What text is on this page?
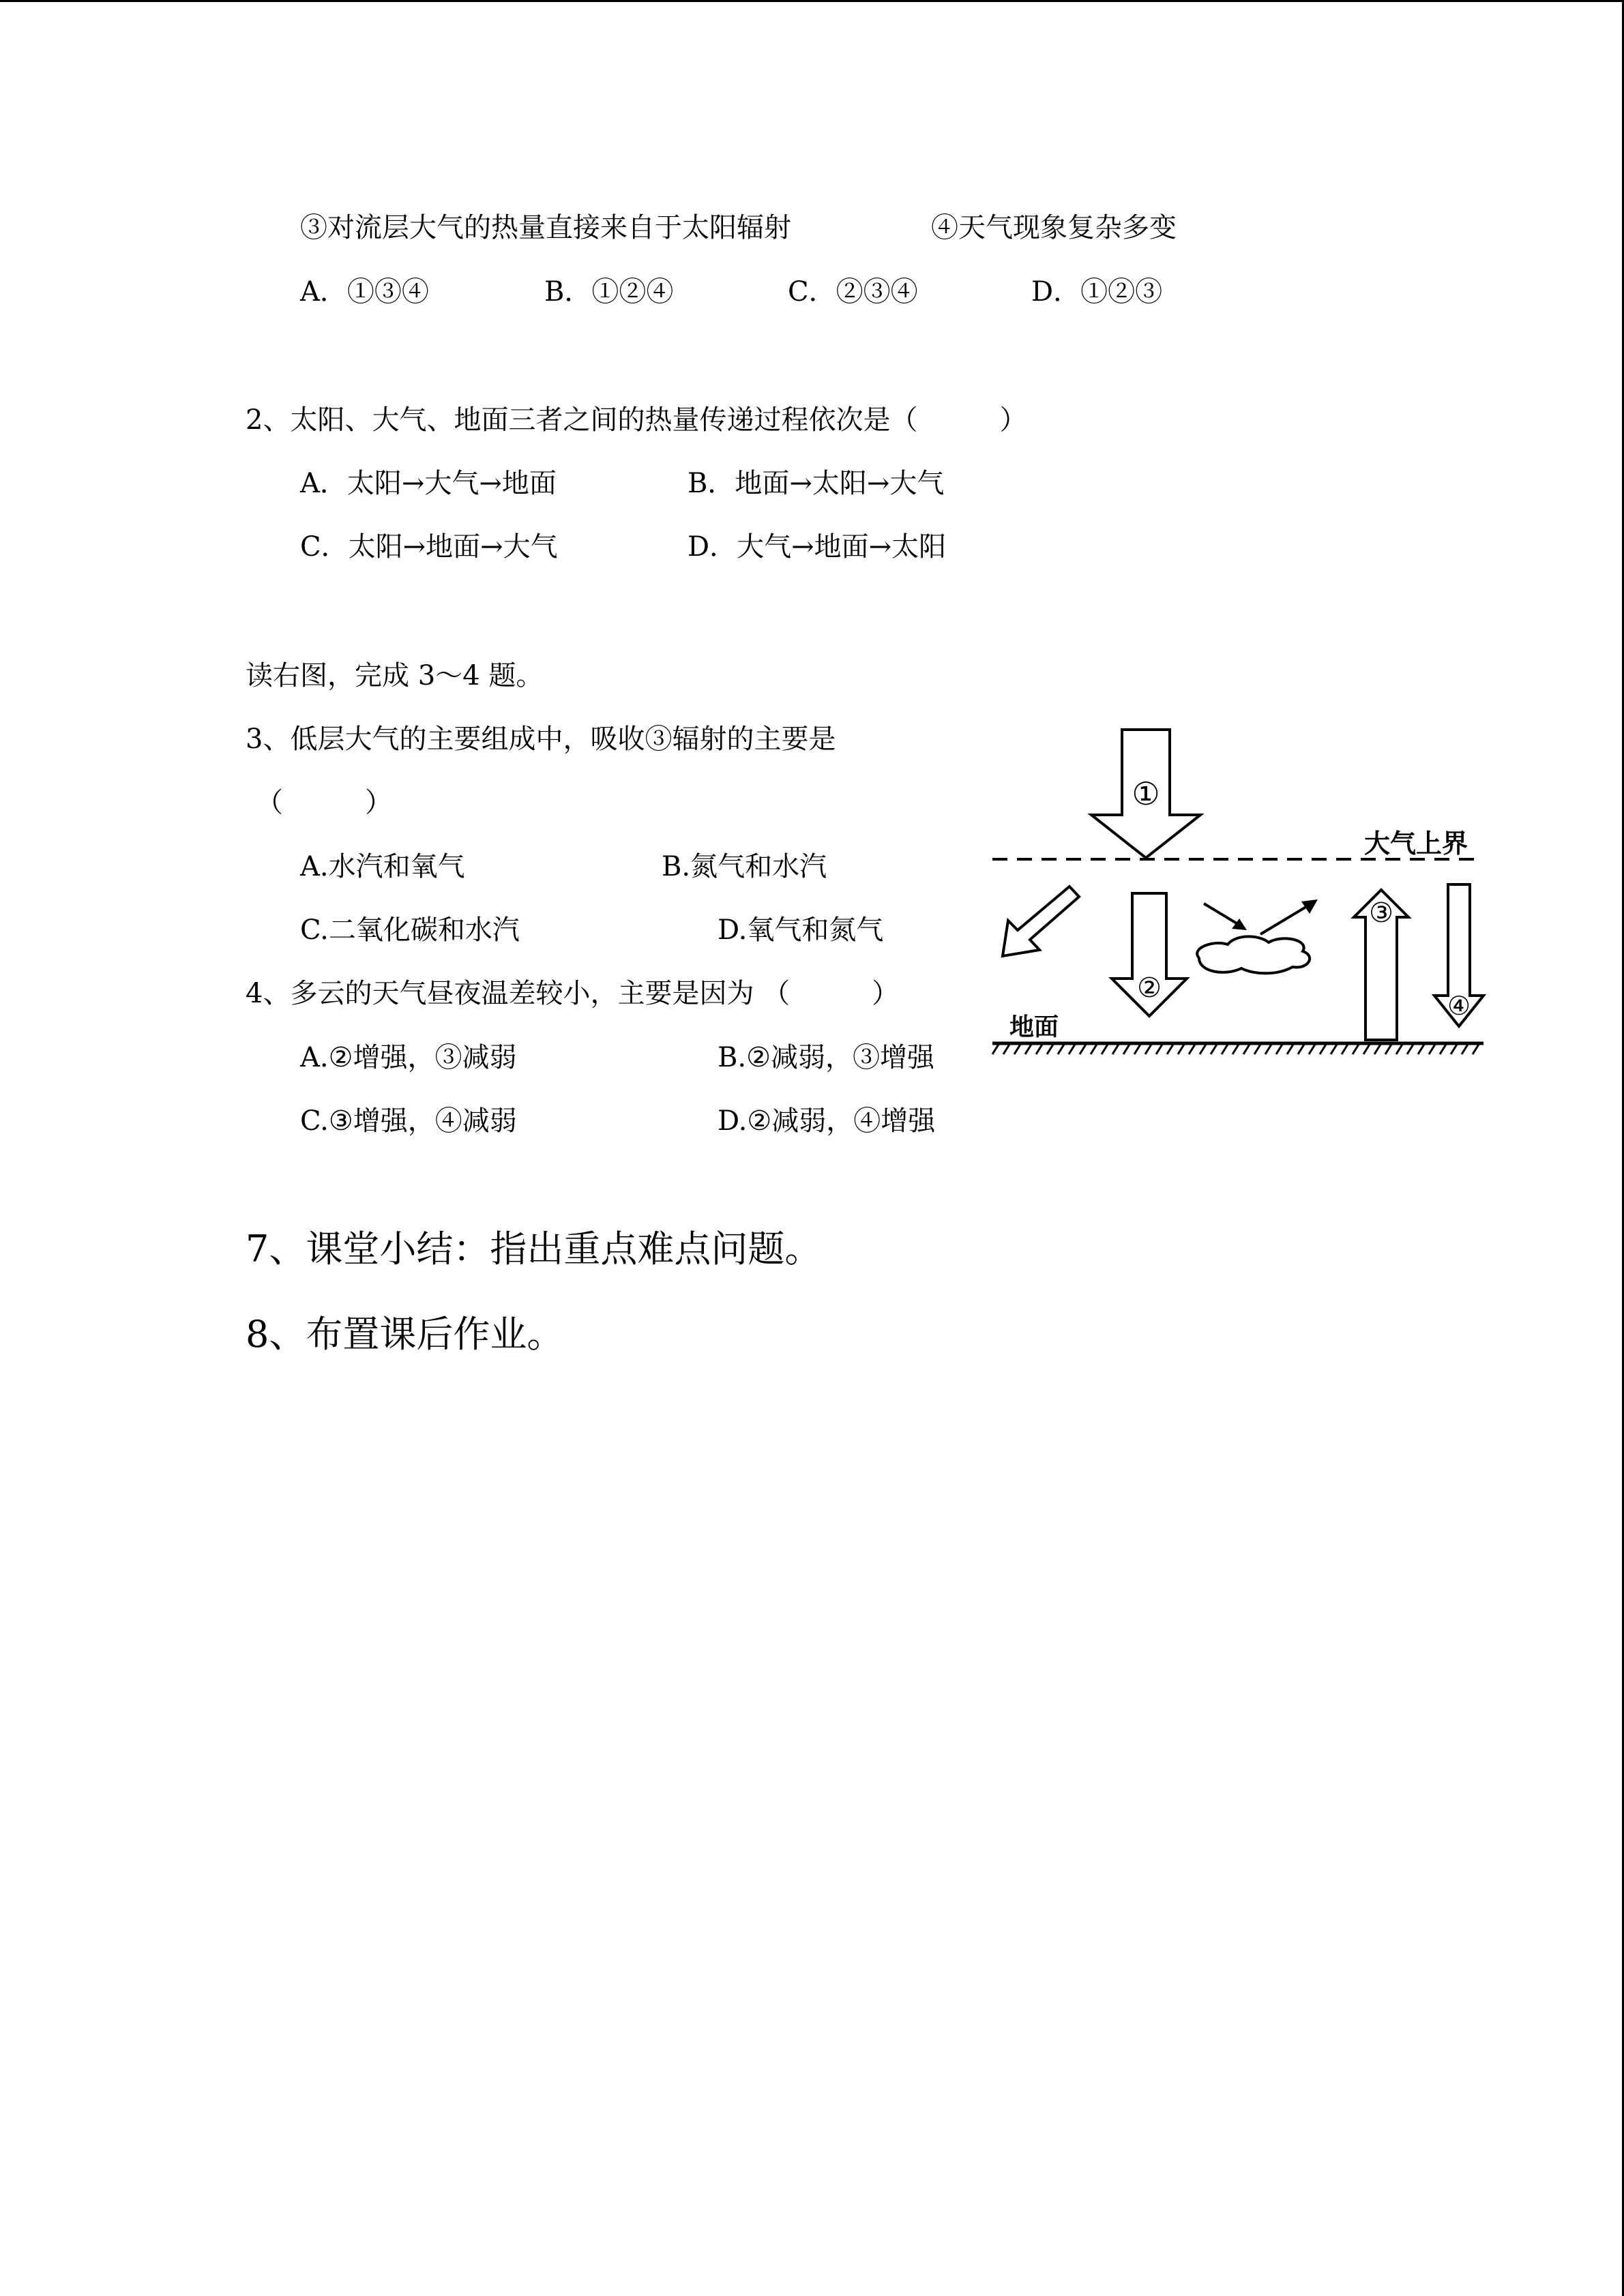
③对流层大气的热量直接来自于太阳辐射	④天气现象复杂多变
A．①③④	B．①②④	C．②③④	D．①②③
2、太阳、大气、地面三者之间的热量传递过程依次是（　　　）
A．太阳→大气→地面	B．地面→太阳→大气
C．太阳→地面→大气	D．大气→地面→太阳
读右图，完成 3～4 题。
3、低层大气的主要组成中，吸收③辐射的主要是
（　　　）
A.水汽和氧气	B.氮气和水汽
C.二氧化碳和水汽	D.氧气和氮气
4、多云的天气昼夜温差较小，主要是因为 （　　　）
A.②增强，③减弱	B.②减弱，③增强
C.③增强，④减弱	D.②减弱，④增强
大气上界
①
②
③
④
地面
7、课堂小结：指出重点难点问题。
8、布置课后作业。
